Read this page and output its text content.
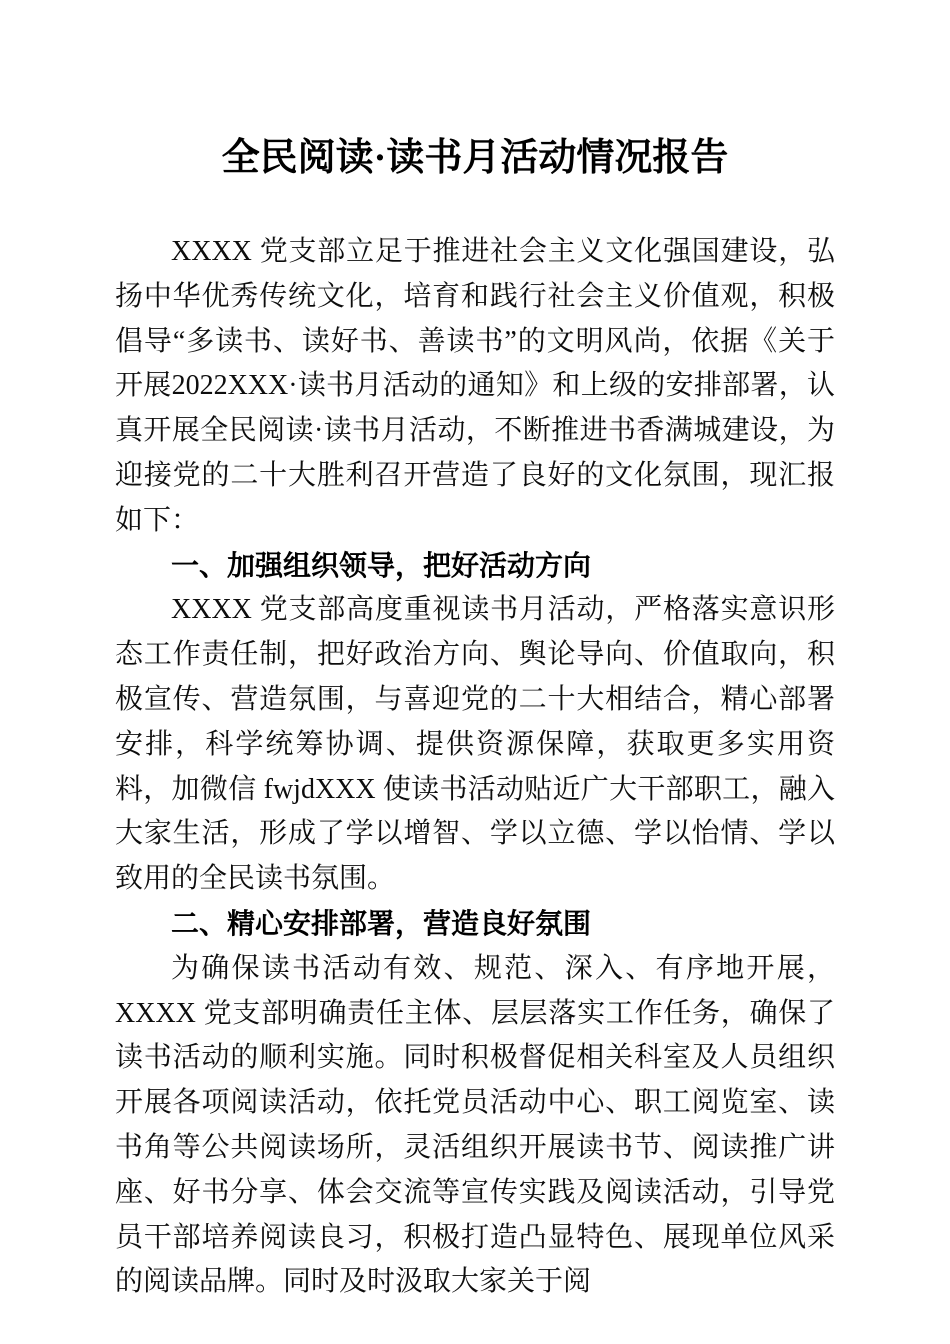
全民阅读·读书月活动情况报告

XXXX 党支部立足于推进社会主义文化强国建设，弘扬中华优秀传统文化，培育和践行社会主义价值观，积极倡导“多读书、读好书、善读书”的文明风尚，依据《关于开展2022XXX·读书月活动的通知》和上级的安排部署，认真开展全民阅读·读书月活动，不断推进书香满城建设，为迎接党的二十大胜利召开营造了良好的文化氛围，现汇报如下：

一、加强组织领导，把好活动方向

XXXX 党支部高度重视读书月活动，严格落实意识形态工作责任制，把好政治方向、舆论导向、价值取向，积极宣传、营造氛围，与喜迎党的二十大相结合，精心部署安排，科学统筹协调、提供资源保障，获取更多实用资料，加微信 fwjdXXX 使读书活动贴近广大干部职工，融入大家生活，形成了学以增智、学以立德、学以怡情、学以致用的全民读书氛围。

二、精心安排部署，营造良好氛围

为确保读书活动有效、规范、深入、有序地开展，XXXX 党支部明确责任主体、层层落实工作任务，确保了读书活动的顺利实施。同时积极督促相关科室及人员组织开展各项阅读活动，依托党员活动中心、职工阅览室、读书角等公共阅读场所，灵活组织开展读书节、阅读推广讲座、好书分享、体会交流等宣传实践及阅读活动，引导党员干部培养阅读良习，积极打造凸显特色、展现单位风采的阅读品牌。同时及时汲取大家关于阅
